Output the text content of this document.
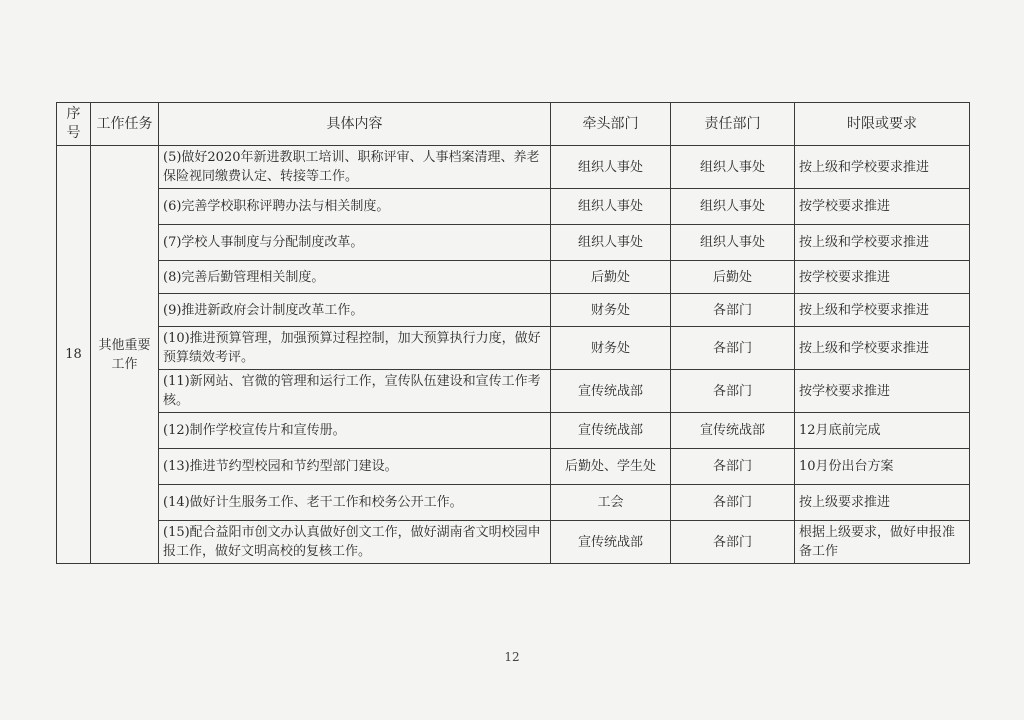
序号	工作任务	具体内容	牵头部门	责任部门	时限或要求
18	其他重要工作	(5)做好2020年新进教职工培训、职称评审、人事档案清理、养老保险视同缴费认定、转接等工作。	组织人事处	组织人事处	按上级和学校要求推进
		(6)完善学校职称评聘办法与相关制度。	组织人事处	组织人事处	按学校要求推进
		(7)学校人事制度与分配制度改革。	组织人事处	组织人事处	按上级和学校要求推进
		(8)完善后勤管理相关制度。	后勤处	后勤处	按学校要求推进
		(9)推进新政府会计制度改革工作。	财务处	各部门	按上级和学校要求推进
		(10)推进预算管理，加强预算过程控制，加大预算执行力度，做好预算绩效考评。	财务处	各部门	按上级和学校要求推进
		(11)新网站、官微的管理和运行工作，宣传队伍建设和宣传工作考核。	宣传统战部	各部门	按学校要求推进
		(12)制作学校宣传片和宣传册。	宣传统战部	宣传统战部	12月底前完成
		(13)推进节约型校园和节约型部门建设。	后勤处、学生处	各部门	10月份出台方案
		(14)做好计生服务工作、老干工作和校务公开工作。	工会	各部门	按上级要求推进
		(15)配合益阳市创文办认真做好创文工作，做好湖南省文明校园申报工作，做好文明高校的复核工作。	宣传统战部	各部门	根据上级要求，做好申报准备工作
12
